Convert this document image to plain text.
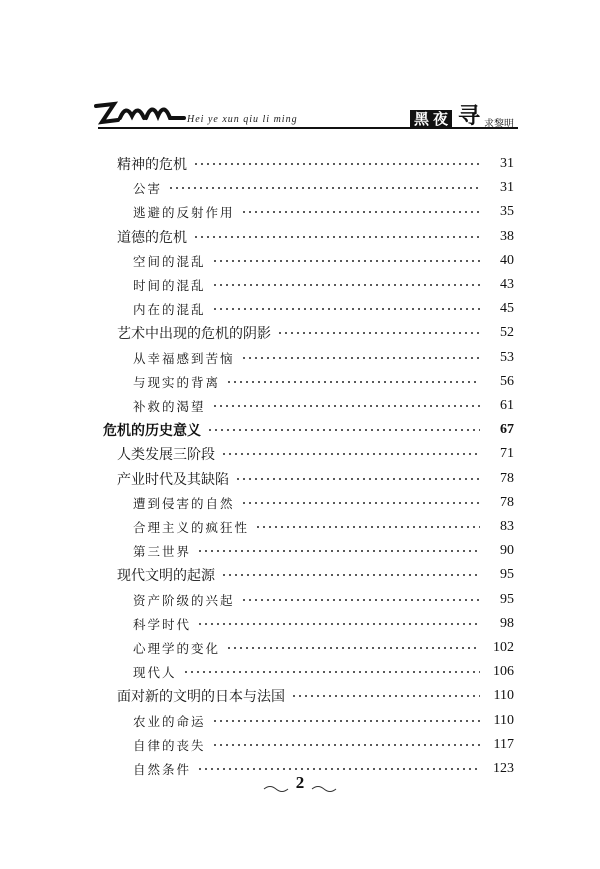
Hei ye xun qiu li ming	黑 夜 寻 求黎明
精神的危机	31
公害	31
逃避的反射作用	35
道德的危机	38
空间的混乱	40
时间的混乱	43
内在的混乱	45
艺术中出现的危机的阴影	52
从幸福感到苦恼	53
与现实的背离	56
补救的渴望	61
危机的历史意义	67
人类发展三阶段	71
产业时代及其缺陷	78
遭到侵害的自然	78
合理主义的疯狂性	83
第三世界	90
现代文明的起源	95
资产阶级的兴起	95
科学时代	98
心理学的变化	102
现代人	106
面对新的文明的日本与法国	110
农业的命运	110
自律的丧失	117
自然条件	123
2
